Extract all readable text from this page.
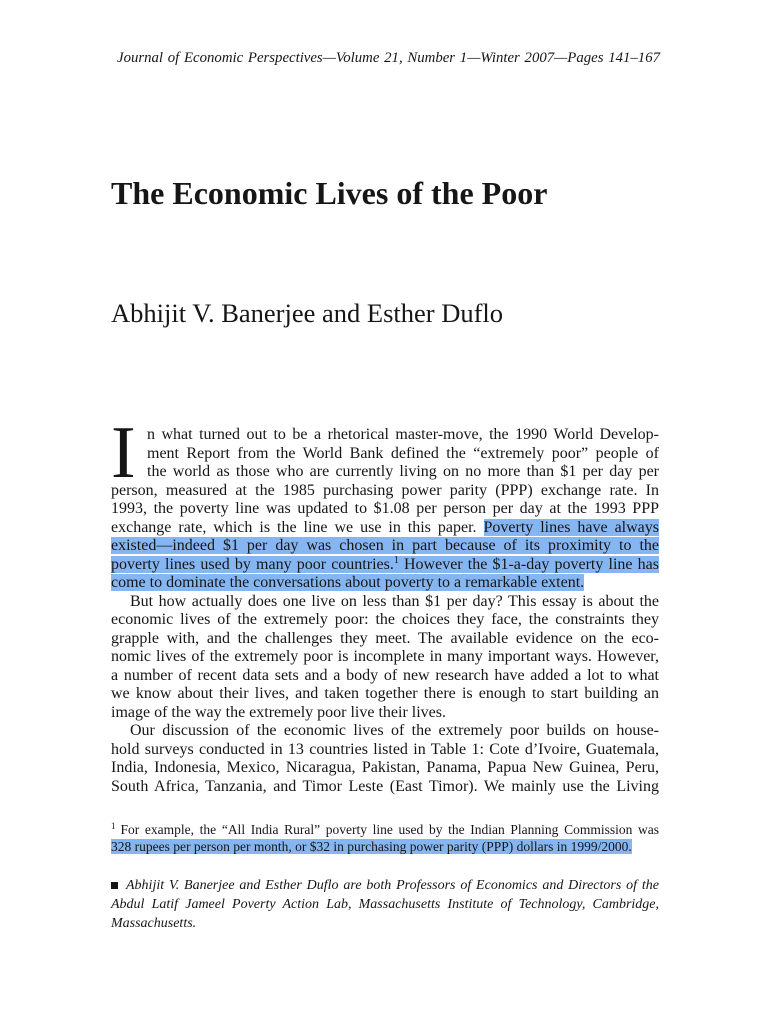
Journal of Economic Perspectives—Volume 21, Number 1—Winter 2007—Pages 141–167
The Economic Lives of the Poor
Abhijit V. Banerjee and Esther Duflo
I n what turned out to be a rhetorical master-move, the 1990 World Develop-
ment Report from the World Bank defined the “extremely poor” people of
the world as those who are currently living on no more than $1 per day per
person, measured at the 1985 purchasing power parity (PPP) exchange rate. In
1993, the poverty line was updated to $1.08 per person per day at the 1993 PPP
exchange rate, which is the line we use in this paper. Poverty lines have always
existed—indeed $1 per day was chosen in part because of its proximity to the
poverty lines used by many poor countries.$^1$ However the $1-a-day poverty line has
come to dominate the conversations about poverty to a remarkable extent.
But how actually does one live on less than $1 per day? This essay is about the
economic lives of the extremely poor: the choices they face, the constraints they
grapple with, and the challenges they meet. The available evidence on the eco-
nomic lives of the extremely poor is incomplete in many important ways. However,
a number of recent data sets and a body of new research have added a lot to what
we know about their lives, and taken together there is enough to start building an
image of the way the extremely poor live their lives.
Our discussion of the economic lives of the extremely poor builds on house-
hold surveys conducted in 13 countries listed in Table 1: Cote d’Ivoire, Guatemala,
India, Indonesia, Mexico, Nicaragua, Pakistan, Panama, Papua New Guinea, Peru,
South Africa, Tanzania, and Timor Leste (East Timor). We mainly use the Living
$^1$ For example, the “All India Rural” poverty line used by the Indian Planning Commission was
328 rupees per person per month, or $32 in purchasing power parity (PPP) dollars in 1999/2000.
Abhijit V. Banerjee and Esther Duflo are both Professors of Economics and Directors of the
Abdul Latif Jameel Poverty Action Lab, Massachusetts Institute of Technology, Cambridge,
Massachusetts.
